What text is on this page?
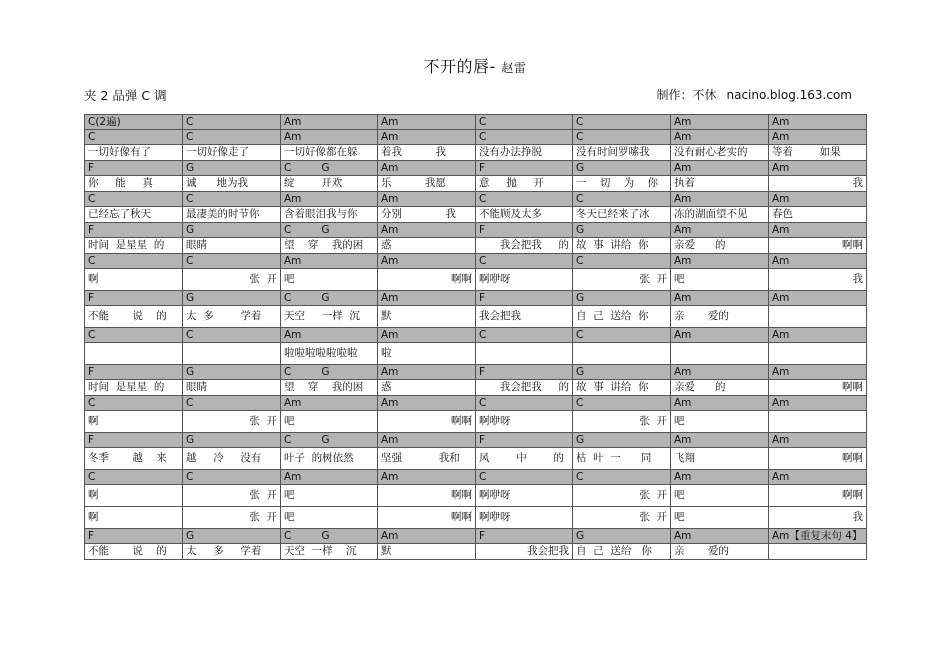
不开的唇- 赵雷
夹 2 品弹 C 调	制作：不休 nacino.blog.163.com
C(2遍)	C	Am	Am	C	C	Am	Am
C	C	Am	Am	C	C	Am	Am
一切好像有了	一切好像走了	一切好像都在躲	着我          我	没有办法挣脱	没有时间罗嗦我	没有耐心老实的	等着        如果
F	G	C         G	Am	F	G	Am	Am
你     能     真	诚      地为我	绽        开欢	乐          我愿	意     抛     开	一    切    为    你	执着	我
C	C	Am	Am	C	C	Am	Am
已经忘了秋天	最凄美的时节你	含着眼泪我与你	分别             我	不能顾及太多	冬天已经来了冰	冻的湖面望不见	春色
F	G	C         G	Am	F	G	Am	Am
时间  是星星  的	眼睛	望    穿    我的困	惑	我会把我     的	故  事  讲给  你	亲爱      的	啊啊
C	C	Am	Am	C	C	Am	Am
啊	张  开	吧	啊啊	啊咿呀	张  开	吧	我
F	G	C         G	Am	F	G	Am	Am
不能       说    的	太  多        学着	天空     一样  沉	默	我会把我	自  己  送给  你	亲       爱的	
C	C	Am	Am	C	C	Am	Am
		啦啦啦啦啦啦啦	啦				
F	G	C         G	Am	F	G	Am	Am
时间  是星星  的	眼睛	望    穿    我的困	惑	我会把我     的	故  事  讲给  你	亲爱      的	啊啊
C	C	Am	Am	C	C	Am	Am
啊	张  开	吧	啊啊	啊咿呀	张  开	吧	
F	G	C         G	Am	F	G	Am	Am
冬季       越    来	越     冷     没有	叶子  的树依然	坚强           我和	风        中        的	枯  叶  一      同	飞翔	啊啊
C	C	Am	Am	C	C	Am	Am
啊	张  开	吧	啊啊	啊咿呀	张  开	吧	啊啊
啊	张  开	吧	啊啊	啊咿呀	张  开	吧	我
F	G	C         G	Am	F	G	Am	Am【重复末句 4】
不能       说    的	太     多     学着	天空  一样    沉	默	我会把我	自  己  送给   你	亲       爱的	
